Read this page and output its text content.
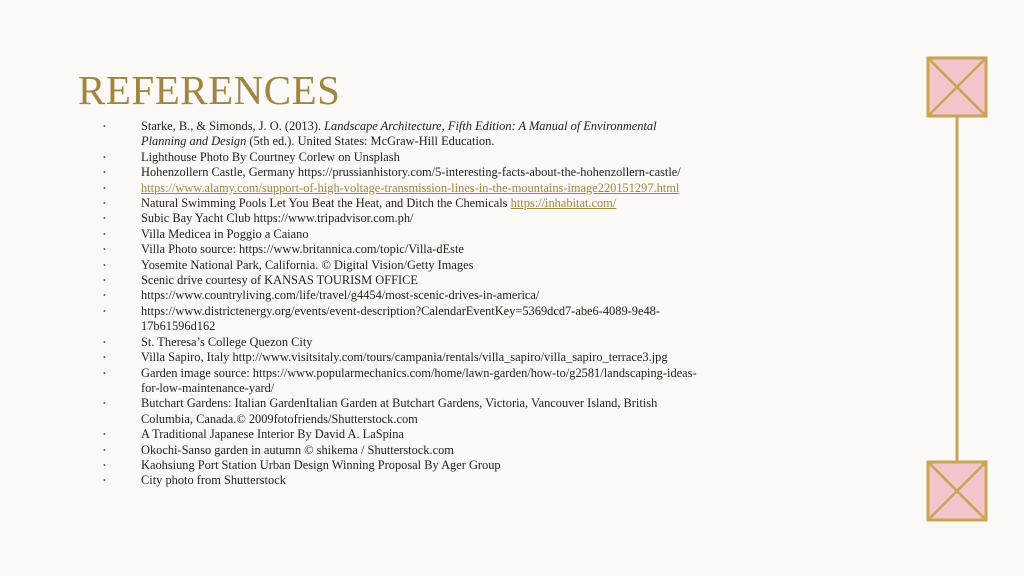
REFERENCES
•	Starke, B., & Simonds, J. O. (2013). Landscape Architecture, Fifth Edition: A Manual of Environmental Planning and Design (5th ed.). United States: McGraw-Hill Education.
•	Lighthouse Photo By Courtney Corlew on Unsplash
•	Hohenzollern Castle, Germany https://prussianhistory.com/5-interesting-facts-about-the-hohenzollern-castle/
•	https://www.alamy.com/support-of-high-voltage-transmission-lines-in-the-mountains-image220151297.html
•	Natural Swimming Pools Let You Beat the Heat, and Ditch the Chemicals https://inhabitat.com/
•	Subic Bay Yacht Club https://www.tripadvisor.com.ph/
•	Villa Medicea in Poggio a Caiano
•	Villa Photo source: https://www.britannica.com/topic/Villa-dEste
•	Yosemite National Park, California. © Digital Vision/Getty Images
•	Scenic drive courtesy of KANSAS TOURISM OFFICE
•	https://www.countryliving.com/life/travel/g4454/most-scenic-drives-in-america/
•	https://www.districtenergy.org/events/event-description?CalendarEventKey=5369dcd7-abe6-4089-9e48-17b61596d162
•	St. Theresa’s College Quezon City
•	Villa Sapiro, Italy http://www.visitsitaly.com/tours/campania/rentals/villa_sapiro/villa_sapiro_terrace3.jpg
•	Garden image source: https://www.popularmechanics.com/home/lawn-garden/how-to/g2581/landscaping-ideas-for-low-maintenance-yard/
•	Butchart Gardens: Italian GardenItalian Garden at Butchart Gardens, Victoria, Vancouver Island, British Columbia, Canada.© 2009fotofriends/Shutterstock.com
•	A Traditional Japanese Interior By David A. LaSpina
•	Okochi-Sanso garden in autumn © shikema / Shutterstock.com
•	Kaohsiung Port Station Urban Design Winning Proposal By Ager Group
•	City photo from Shutterstock
